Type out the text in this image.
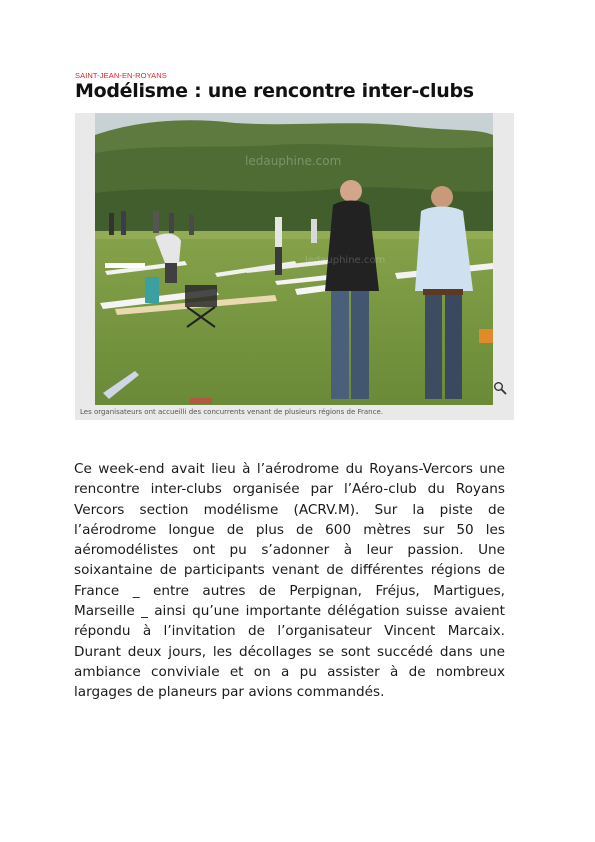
SAINT-JEAN-EN-ROYANS
Modélisme : une rencontre inter-clubs
ledauphine.com
ledauphine.com
Les organisateurs ont accueilli des concurrents venant de plusieurs régions de France.

Ce week-end avait lieu à l’aérodrome du Royans-Vercors une rencontre inter-clubs organisée par l’Aéro-club du Royans Vercors section modélisme (ACRV.M). Sur la piste de l’aérodrome longue de plus de 600 mètres sur 50 les aéromodélistes ont pu s’adonner à leur passion. Une soixantaine de participants venant de différentes régions de France _ entre autres de Perpignan, Fréjus, Martigues, Marseille _ ainsi qu’une importante délégation suisse avaient répondu à l’invitation de l’organisateur Vincent Marcaix. Durant deux jours, les décollages se sont succédé dans une ambiance conviviale et on a pu assister à de nombreux largages de planeurs par avions commandés.
